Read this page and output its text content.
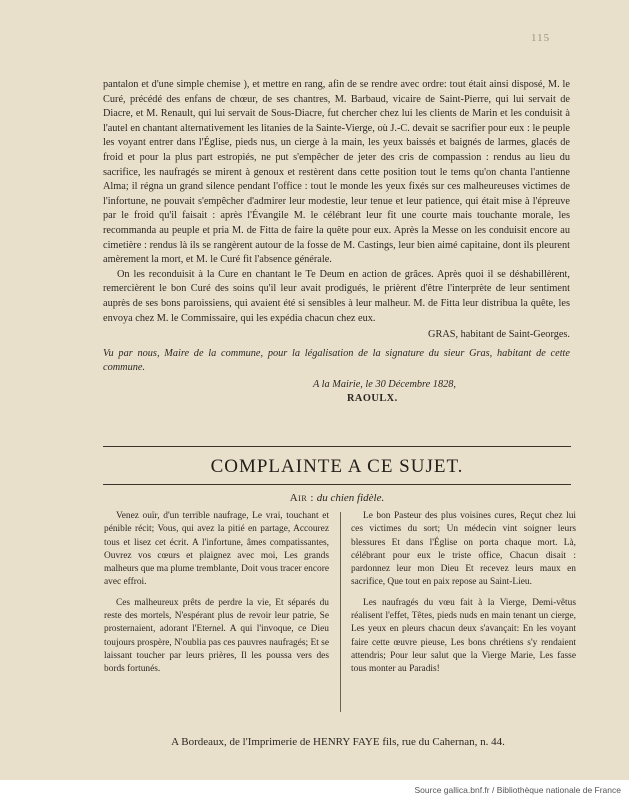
115

pantalon et d'une simple chemise ), et mettre en rang, afin de se rendre avec ordre: tout était ainsi disposé, M. le Curé, précédé des enfans de chœur, de ses chantres, M. Barbaud, vicaire de Saint-Pierre, qui lui servait de Diacre, et M. Renault, qui lui servait de Sous-Diacre, fut chercher chez lui les clients de Marin et les conduisit à l'autel en chantant alternativement les litanies de la Sainte-Vierge, où J.-C. devait se sacrifier pour eux : le peuple les voyant entrer dans l'Église, pieds nus, un cierge à la main, les yeux baissés et baignés de larmes, glacés de froid et pour la plus part estropiés, ne put s'empêcher de jeter des cris de compassion : rendus au lieu du sacrifice, les naufragés se mirent à genoux et restèrent dans cette position tout le tems qu'on chanta l'antienne Alma; il régna un grand silence pendant l'office : tout le monde les yeux fixés sur ces malheureuses victimes de l'infortune, ne pouvait s'empêcher d'admirer leur modestie, leur tenue et leur patience, qui était mise à l'épreuve par le froid qu'il faisait : après l'Évangile M. le célébrant leur fit une courte mais touchante morale, les recommanda au peuple et pria M. de Fitta de faire la quête pour eux. Après la Messe on les conduisit encore au cimetière : rendus là ils se rangèrent autour de la fosse de M. Castings, leur bien aimé capitaine, dont ils pleurent amèrement la mort, et M. le Curé fit l'absence générale.

On les reconduisit à la Cure en chantant le Te Deum en action de grâces. Après quoi il se déshabillèrent, remercièrent le bon Curé des soins qu'il leur avait prodigués, le prièrent d'être l'interprète de leur sentiment auprès de ses bons paroissiens, qui avaient été si sensibles à leur malheur. M. de Fitta leur distribua la quête, les envoya chez M. le Commissaire, qui les expédia chacun chez eux.

GRAS, habitant de Saint-Georges.

Vu par nous, Maire de la commune, pour la légalisation de la signature du sieur Gras, habitant de cette commune.

A la Mairie, le 30 Décembre 1828,

RAOULX.

COMPLAINTE A CE SUJET.
Air : du chien fidèle.

Venez ouïr, d'un terrible naufrage, Le vrai, touchant et pénible récit; Vous, qui avez la pitié en partage, Accourez tous et lisez cet écrit. A l'infortune, âmes compatissantes, Ouvrez vos cœurs et plaignez avec moi, Les grands malheurs que ma plume tremblante, Doit vous tracer encore avec effroi.

Ces malheureux prêts de perdre la vie, Et séparés du reste des mortels, N'espérant plus de revoir leur patrie, Se prosternaient, adorant l'Eternel. A qui l'invoque, ce Dieu toujours prospère, N'oublia pas ces pauvres naufragés; Et se laissant toucher par leurs prières, Il les poussa vers des bords fortunés.

Le bon Pasteur des plus voisines cures, Reçut chez lui ces victimes du sort; Un médecin vint soigner leurs blessures Et dans l'Église on porta chaque mort. Là, célébrant pour eux le triste office, Chacun disait : pardonnez leur mon Dieu Et recevez leurs maux en sacrifice, Que tout en paix repose au Saint-Lieu.

Les naufragés du vœu fait à la Vierge, Demi-vêtus réalisent l'effet, Têtes, pieds nuds en main tenant un cierge, Les yeux en pleurs chacun deux s'avançait: En les voyant faire cette œuvre pieuse, Les bons chrétiens s'y rendaient attendris; Pour leur salut que la Vierge Marie, Les fasse tous monter au Paradis!

A Bordeaux, de l'Imprimerie de HENRY FAYE fils, rue du Cahernan, n. 44.
Source gallica.bnf.fr / Bibliothèque nationale de France
